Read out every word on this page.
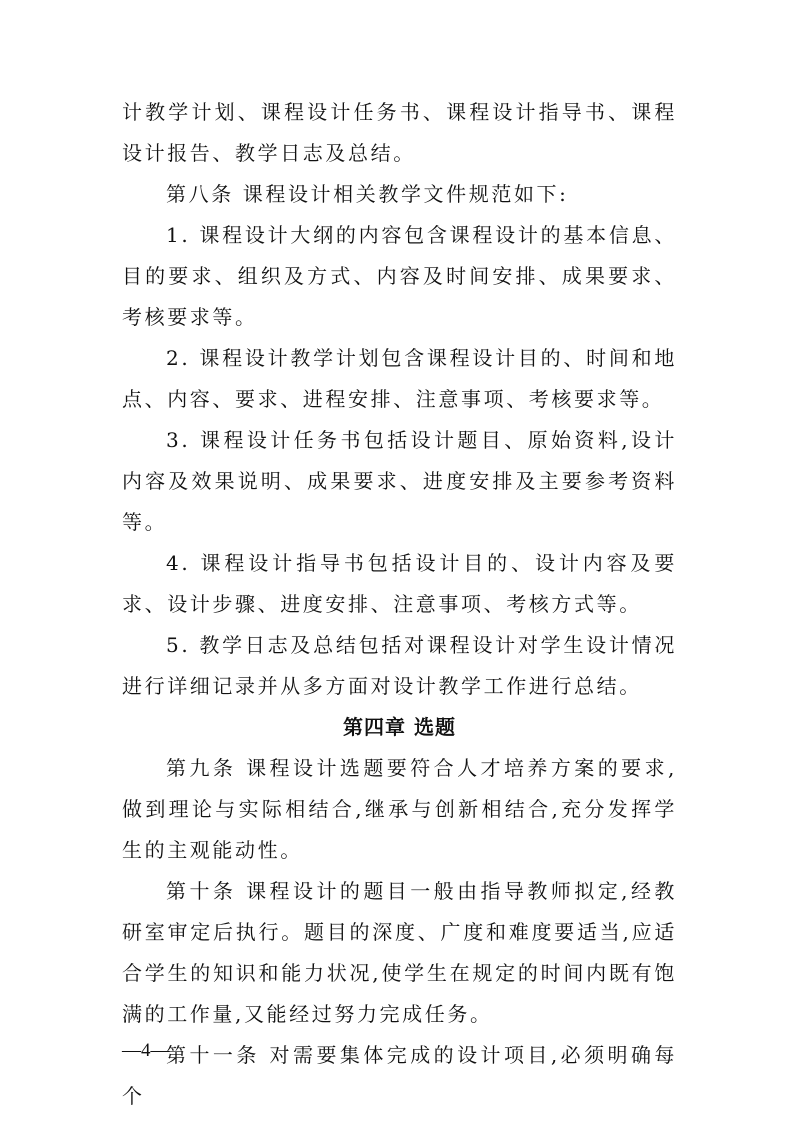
计教学计划、课程设计任务书、课程设计指导书、课程设计报告、教学日志及总结。

第八条 课程设计相关教学文件规范如下:

1. 课程设计大纲的内容包含课程设计的基本信息、目的要求、组织及方式、内容及时间安排、成果要求、考核要求等。

2. 课程设计教学计划包含课程设计目的、时间和地点、内容、要求、进程安排、注意事项、考核要求等。

3. 课程设计任务书包括设计题目、原始资料,设计内容及效果说明、成果要求、进度安排及主要参考资料等。

4. 课程设计指导书包括设计目的、设计内容及要求、设计步骤、进度安排、注意事项、考核方式等。

5. 教学日志及总结包括对课程设计对学生设计情况进行详细记录并从多方面对设计教学工作进行总结。

第四章 选题

第九条 课程设计选题要符合人才培养方案的要求,做到理论与实际相结合,继承与创新相结合,充分发挥学生的主观能动性。

第十条 课程设计的题目一般由指导教师拟定,经教研室审定后执行。题目的深度、广度和难度要适当,应适合学生的知识和能力状况,使学生在规定的时间内既有饱满的工作量,又能经过努力完成任务。

第十一条 对需要集体完成的设计项目,必须明确每个

—4—
